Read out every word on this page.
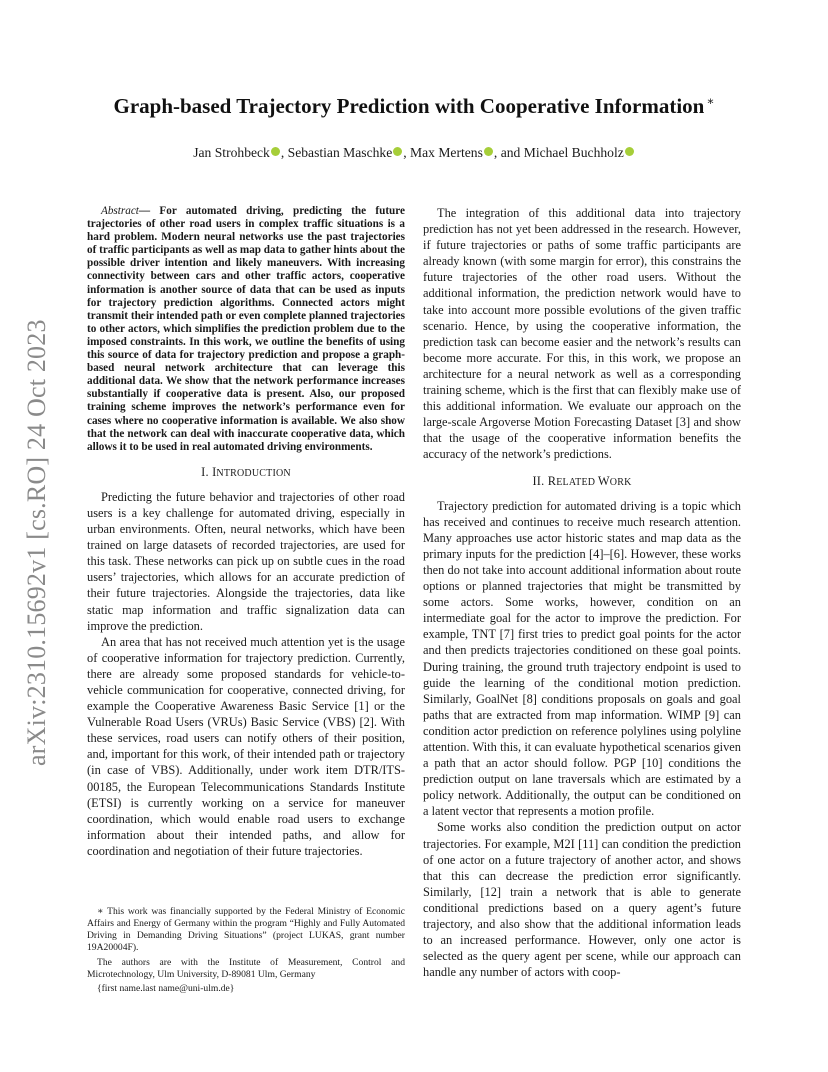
arXiv:2310.15692v1 [cs.RO] 24 Oct 2023
Graph-based Trajectory Prediction with Cooperative Information ∗
Jan Strohbeck , Sebastian Maschke , Max Mertens , and Michael Buchholz

Abstract— For automated driving, predicting the future trajectories of other road users in complex traffic situations is a hard problem. Modern neural networks use the past trajectories of traffic participants as well as map data to gather hints about the possible driver intention and likely maneuvers. With increasing connectivity between cars and other traffic actors, cooperative information is another source of data that can be used as inputs for trajectory prediction algorithms. Connected actors might transmit their intended path or even complete planned trajectories to other actors, which simplifies the prediction problem due to the imposed constraints. In this work, we outline the benefits of using this source of data for trajectory prediction and propose a graph-based neural network architecture that can leverage this additional data. We show that the network performance increases substantially if cooperative data is present. Also, our proposed training scheme improves the network’s performance even for cases where no cooperative information is available. We also show that the network can deal with inaccurate cooperative data, which allows it to be used in real automated driving environments.

I. INTRODUCTION

Predicting the future behavior and trajectories of other road users is a key challenge for automated driving, especially in urban environments. Often, neural networks, which have been trained on large datasets of recorded trajectories, are used for this task. These networks can pick up on subtle cues in the road users’ trajectories, which allows for an accurate prediction of their future trajectories. Alongside the trajectories, data like static map information and traffic signalization data can improve the prediction.

An area that has not received much attention yet is the usage of cooperative information for trajectory prediction. Currently, there are already some proposed standards for vehicle-to-vehicle communication for cooperative, connected driving, for example the Cooperative Awareness Basic Service [1] or the Vulnerable Road Users (VRUs) Basic Service (VBS) [2]. With these services, road users can notify others of their position, and, important for this work, of their intended path or trajectory (in case of VBS). Additionally, under work item DTR/ITS-00185, the European Telecommunications Standards Institute (ETSI) is currently working on a service for maneuver coordination, which would enable road users to exchange information about their intended paths, and allow for coordination and negotiation of their future trajectories.

The integration of this additional data into trajectory prediction has not yet been addressed in the research. However, if future trajectories or paths of some traffic participants are already known (with some margin for error), this constrains the future trajectories of the other road users. Without the additional information, the prediction network would have to take into account more possible evolutions of the given traffic scenario. Hence, by using the cooperative information, the prediction task can become easier and the network’s results can become more accurate. For this, in this work, we propose an architecture for a neural network as well as a corresponding training scheme, which is the first that can flexibly make use of this additional information. We evaluate our approach on the large-scale Argoverse Motion Forecasting Dataset [3] and show that the usage of the cooperative information benefits the accuracy of the network’s predictions.

II. RELATED WORK

Trajectory prediction for automated driving is a topic which has received and continues to receive much research attention. Many approaches use actor historic states and map data as the primary inputs for the prediction [4]–[6]. However, these works then do not take into account additional information about route options or planned trajectories that might be transmitted by some actors. Some works, however, condition on an intermediate goal for the actor to improve the prediction. For example, TNT [7] first tries to predict goal points for the actor and then predicts trajectories conditioned on these goal points. During training, the ground truth trajectory endpoint is used to guide the learning of the conditional motion prediction. Similarly, GoalNet [8] conditions proposals on goals and goal paths that are extracted from map information. WIMP [9] can condition actor prediction on reference polylines using polyline attention. With this, it can evaluate hypothetical scenarios given a path that an actor should follow. PGP [10] conditions the prediction output on lane traversals which are estimated by a policy network. Additionally, the output can be conditioned on a latent vector that represents a motion profile.

Some works also condition the prediction output on actor trajectories. For example, M2I [11] can condition the prediction of one actor on a future trajectory of another actor, and shows that this can decrease the prediction error significantly. Similarly, [12] train a network that is able to generate conditional predictions based on a query agent’s future trajectory, and also show that the additional information leads to an increased performance. However, only one actor is selected as the query agent per scene, while our approach can handle any number of actors with coop-

∗ This work was financially supported by the Federal Ministry of Economic Affairs and Energy of Germany within the program “Highly and Fully Automated Driving in Demanding Driving Situations” (project LUKAS, grant number 19A20004F).

The authors are with the Institute of Measurement, Control and Microtechnology, Ulm University, D-89081 Ulm, Germany

{first name.last name@uni-ulm.de}
